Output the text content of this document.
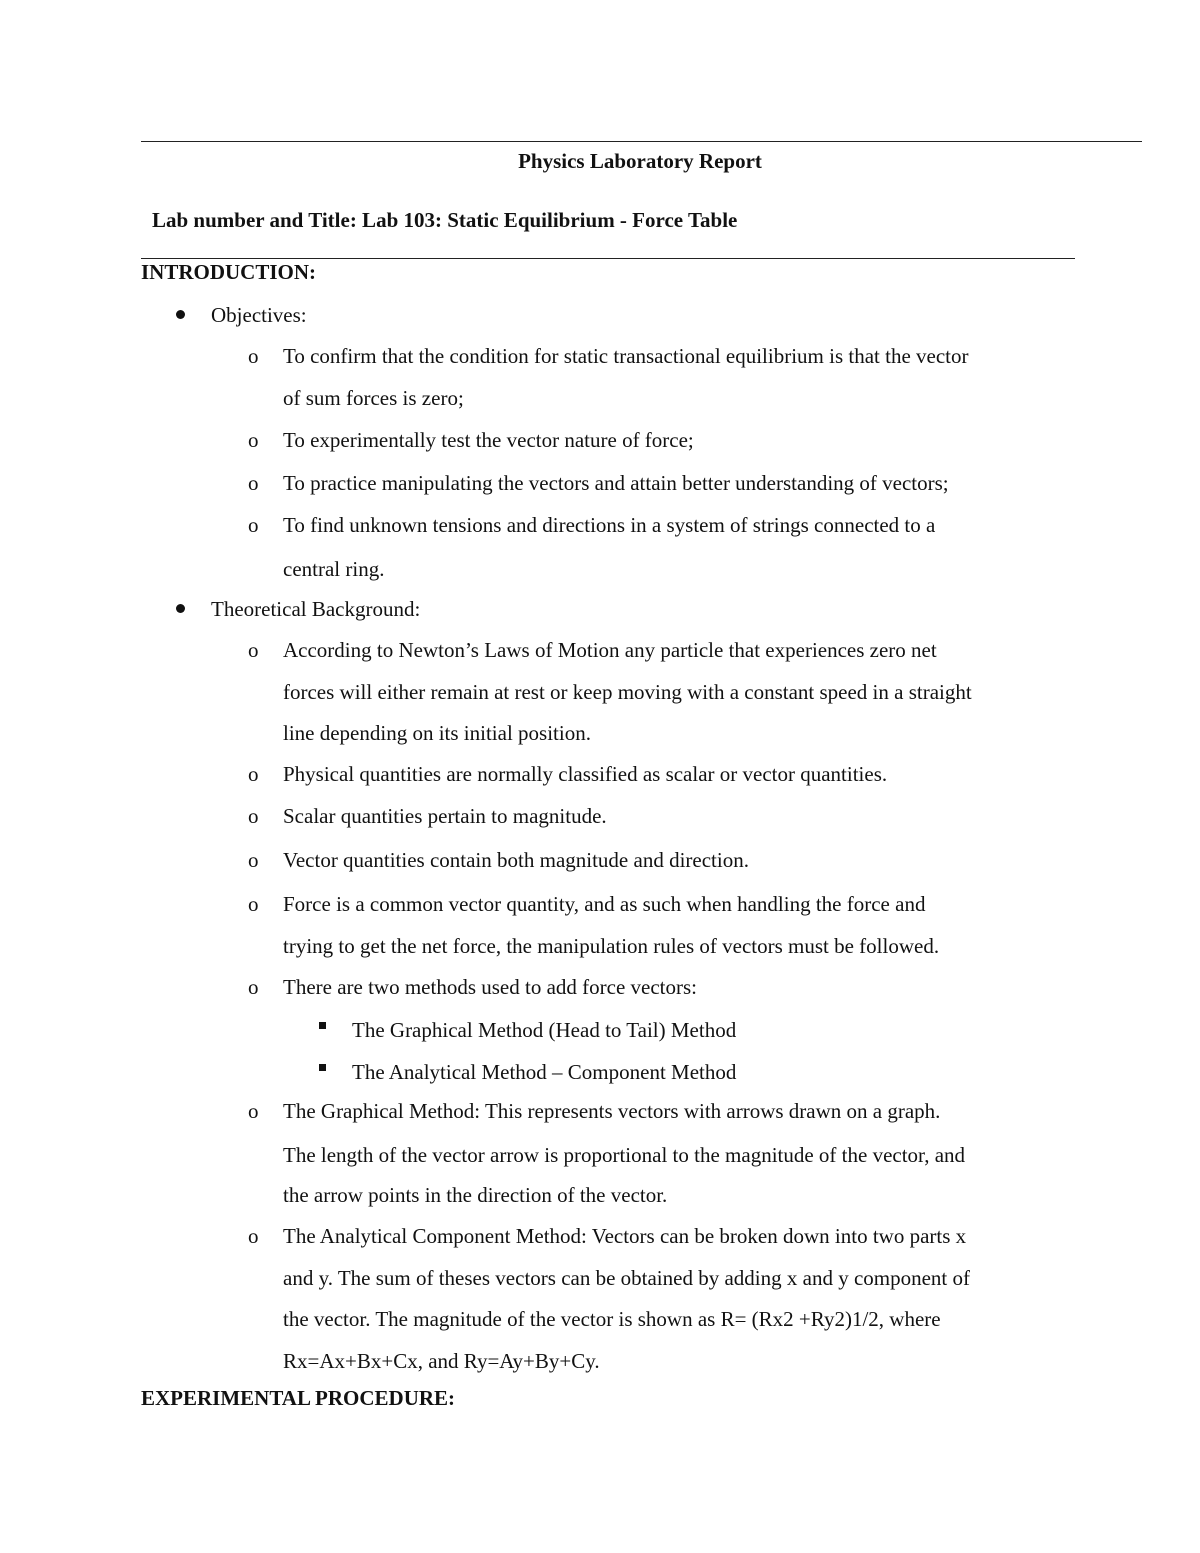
Physics Laboratory Report
Lab number and Title: Lab 103: Static Equilibrium - Force Table
INTRODUCTION:
Objectives:
o To confirm that the condition for static transactional equilibrium is that the vector
of sum forces is zero;
o To experimentally test the vector nature of force;
o To practice manipulating the vectors and attain better understanding of vectors;
o To find unknown tensions and directions in a system of strings connected to a
central ring.
Theoretical Background:
o According to Newton’s Laws of Motion any particle that experiences zero net
forces will either remain at rest or keep moving with a constant speed in a straight
line depending on its initial position.
o Physical quantities are normally classified as scalar or vector quantities.
o Scalar quantities pertain to magnitude.
o Vector quantities contain both magnitude and direction.
o Force is a common vector quantity, and as such when handling the force and
trying to get the net force, the manipulation rules of vectors must be followed.
o There are two methods used to add force vectors:
The Graphical Method (Head to Tail) Method
The Analytical Method – Component Method
o The Graphical Method: This represents vectors with arrows drawn on a graph.
The length of the vector arrow is proportional to the magnitude of the vector, and
the arrow points in the direction of the vector.
o The Analytical Component Method: Vectors can be broken down into two parts x
and y. The sum of theses vectors can be obtained by adding x and y component of
the vector. The magnitude of the vector is shown as R= (Rx2 +Ry2)1/2, where
Rx=Ax+Bx+Cx, and Ry=Ay+By+Cy.
EXPERIMENTAL PROCEDURE:
